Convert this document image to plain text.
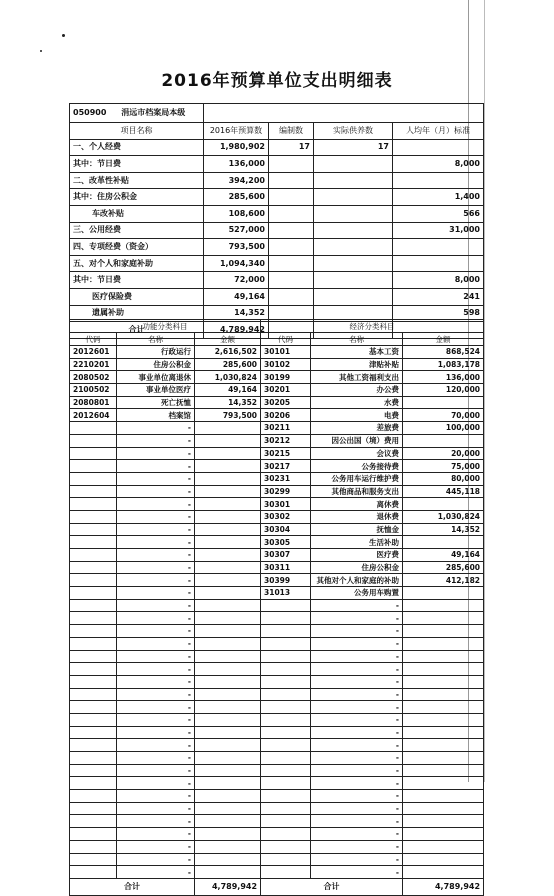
2016年预算单位支出明细表
050900 涓远市档案局本级				
项目名称	2016年预算数	编制数	实际供养数	人均年（月）标准
一、个人经费	1,980,902	17	17	
其中：节日费	136,000			8,000
二、改革性补贴	394,200			
其中：住房公积金	285,600			1,400
车改补贴	108,600			566
三、公用经费	527,000			31,000
四、专项经费（资金）	793,500			
五、对个人和家庭补助	1,094,340			
其中：节日费	72,000			8,000
医疗保险费	49,164			241
遗属补助	14,352			598
合计	4,789,942			
功能分类科目			经济分类科目		
代码	名称	金额	代码	名称	金额
2012601	行政运行	2,616,502	30101	基本工资	868,524
2210201	住房公积金	285,600	30102	津贴补贴	1,083,178
2080502	事业单位离退休	1,030,824	30199	其他工资福利支出	136,000
2100502	事业单位医疗	49,164	30201	办公费	120,000
2080801	死亡抚恤	14,352	30205	水费	
2012604	档案馆	793,500	30206	电费	70,000
	-		30211	差旅费	100,000
	-		30212	因公出国（境）费用	
	-		30215	会议费	20,000
	-		30217	公务接待费	75,000
	-		30231	公务用车运行维护费	80,000
	-		30299	其他商品和服务支出	445,118
	-		30301	离休费	
	-		30302	退休费	1,030,824
	-		30304	抚恤金	14,352
	-		30305	生活补助	
	-		30307	医疗费	49,164
	-		30311	住房公积金	285,600
	-		30399	其他对个人和家庭的补助	412,182
	-		31013	公务用车购置	
	-			-	
	-			-	
	-			-	
	-			-	
	-			-	
	-			-	
	-			-	
	-			-	
	-			-	
	-			-	
	-			-	
	-			-	
	-			-	
	-			-	
	-			-	
	-			-	
	-			-	
	-			-	
	-			-	
	-			-	
	-			-	
	-			-	
合计		4,789,942	合计		4,789,942
